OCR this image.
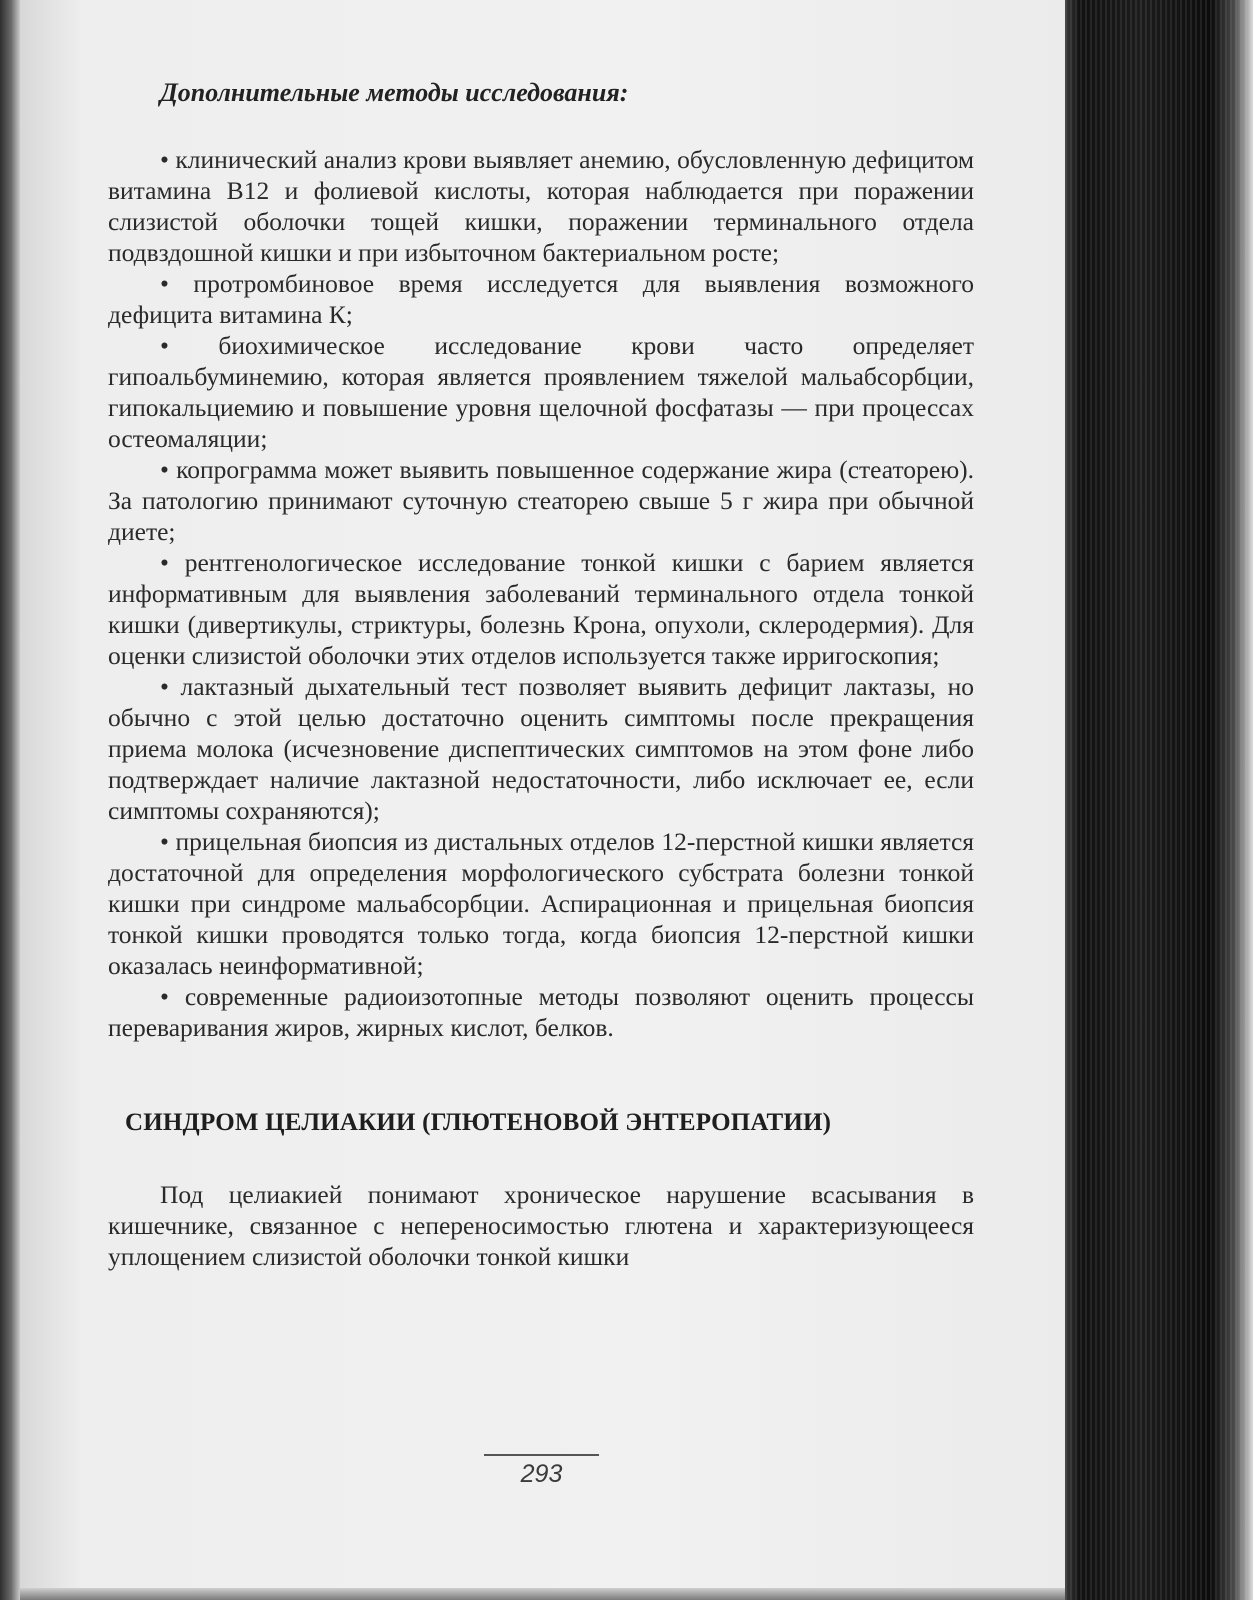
Дополнительные методы исследования:
• клинический анализ крови выявляет анемию, обусловленную дефицитом витамина B12 и фолиевой кислоты, которая наблюдается при поражении слизистой оболочки тощей кишки, поражении терминального отдела подвздошной кишки и при избыточном бактериальном росте;
• протромбиновое время исследуется для выявления возможного дефицита витамина К;
• биохимическое исследование крови часто определяет гипоальбуминемию, которая является проявлением тяжелой мальабсорбции, гипокальциемию и повышение уровня щелочной фосфатазы — при процессах остеомаляции;
• копрограмма может выявить повышенное содержание жира (стеаторею). За патологию принимают суточную стеаторею свыше 5 г жира при обычной диете;
• рентгенологическое исследование тонкой кишки с барием является информативным для выявления заболеваний терминального отдела тонкой кишки (дивертикулы, стриктуры, болезнь Крона, опухоли, склеродермия). Для оценки слизистой оболочки этих отделов используется также ирригоскопия;
• лактазный дыхательный тест позволяет выявить дефицит лактазы, но обычно с этой целью достаточно оценить симптомы после прекращения приема молока (исчезновение диспептических симптомов на этом фоне либо подтверждает наличие лактазной недостаточности, либо исключает ее, если симптомы сохраняются);
• прицельная биопсия из дистальных отделов 12-перстной кишки является достаточной для определения морфологического субстрата болезни тонкой кишки при синдроме мальабсорбции. Аспирационная и прицельная биопсия тонкой кишки проводятся только тогда, когда биопсия 12-перстной кишки оказалась неинформативной;
• современные радиоизотопные методы позволяют оценить процессы переваривания жиров, жирных кислот, белков.
СИНДРОМ ЦЕЛИАКИИ (ГЛЮТЕНОВОЙ ЭНТЕРОПАТИИ)

Под целиакией понимают хроническое нарушение всасывания в кишечнике, связанное с непереносимостью глютена и характеризующееся уплощением слизистой оболочки тонкой кишки

293
